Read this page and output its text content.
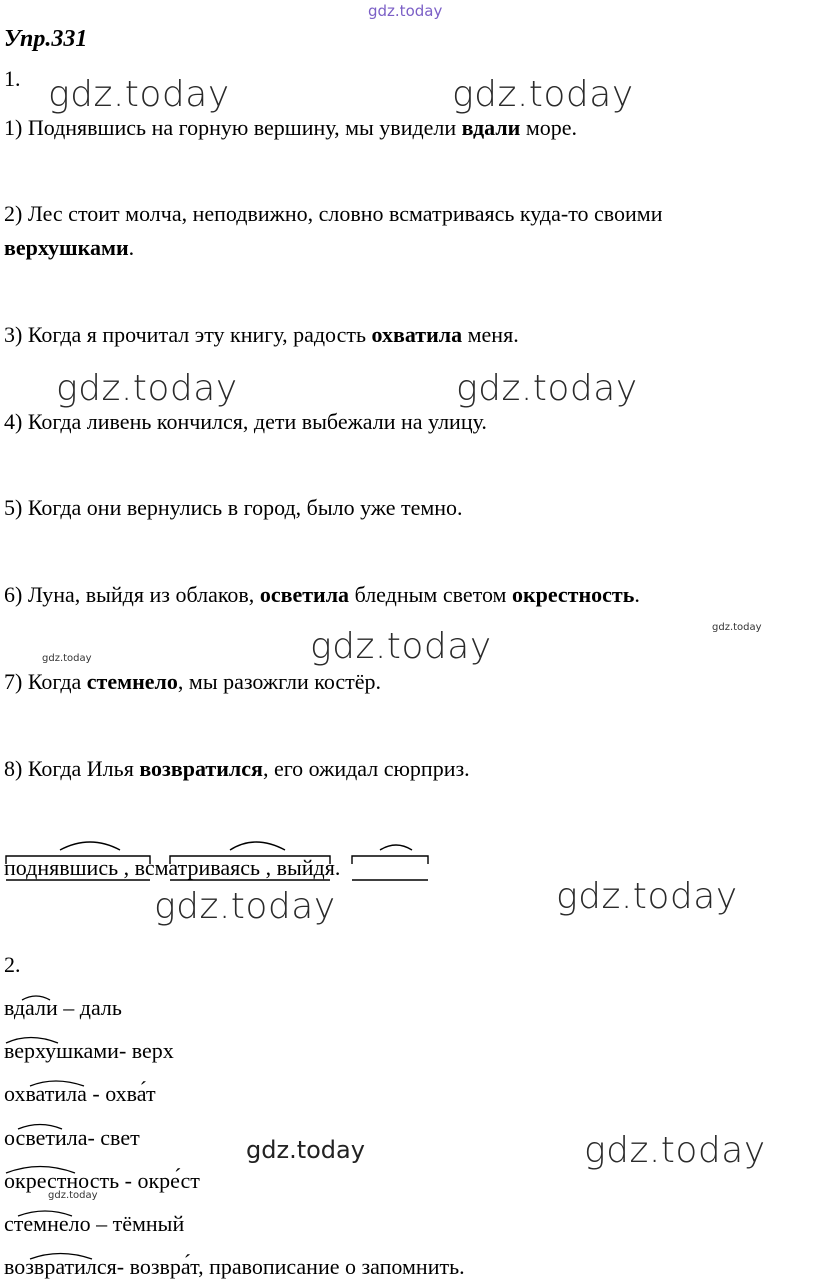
gdz.today
Упр.331
1.
1) Поднявшись на горную вершину, мы увидели вдали море.
2) Лес стоит молча, неподвижно, словно всматриваясь куда-то своими
верхушками.
3) Когда я прочитал эту книгу, радость охватила меня.
4) Когда ливень кончился, дети выбежали на улицу.
5) Когда они вернулись в город, было уже темно.
6) Луна, выйдя из облаков, осветила бледным светом окрестность.
7) Когда стемнело, мы разожгли костёр.
8) Когда Илья возвратился, его ожидал сюрприз.
поднявшись , всматриваясь , выйдя.
2.
вдали – даль
верхушками- верх
охватила - охва́т
осветила- свет
окрестность - окре́ст
стемнело – тёмный
возвратился- возвра́т, правописание о запомнить.
gdz.today	gdz.today
gdz.today	gdz.today
gdz.today	gdz.today
gdz.today
gdz.today	gdz.today
gdz.today	gdz.today
gdz.today
